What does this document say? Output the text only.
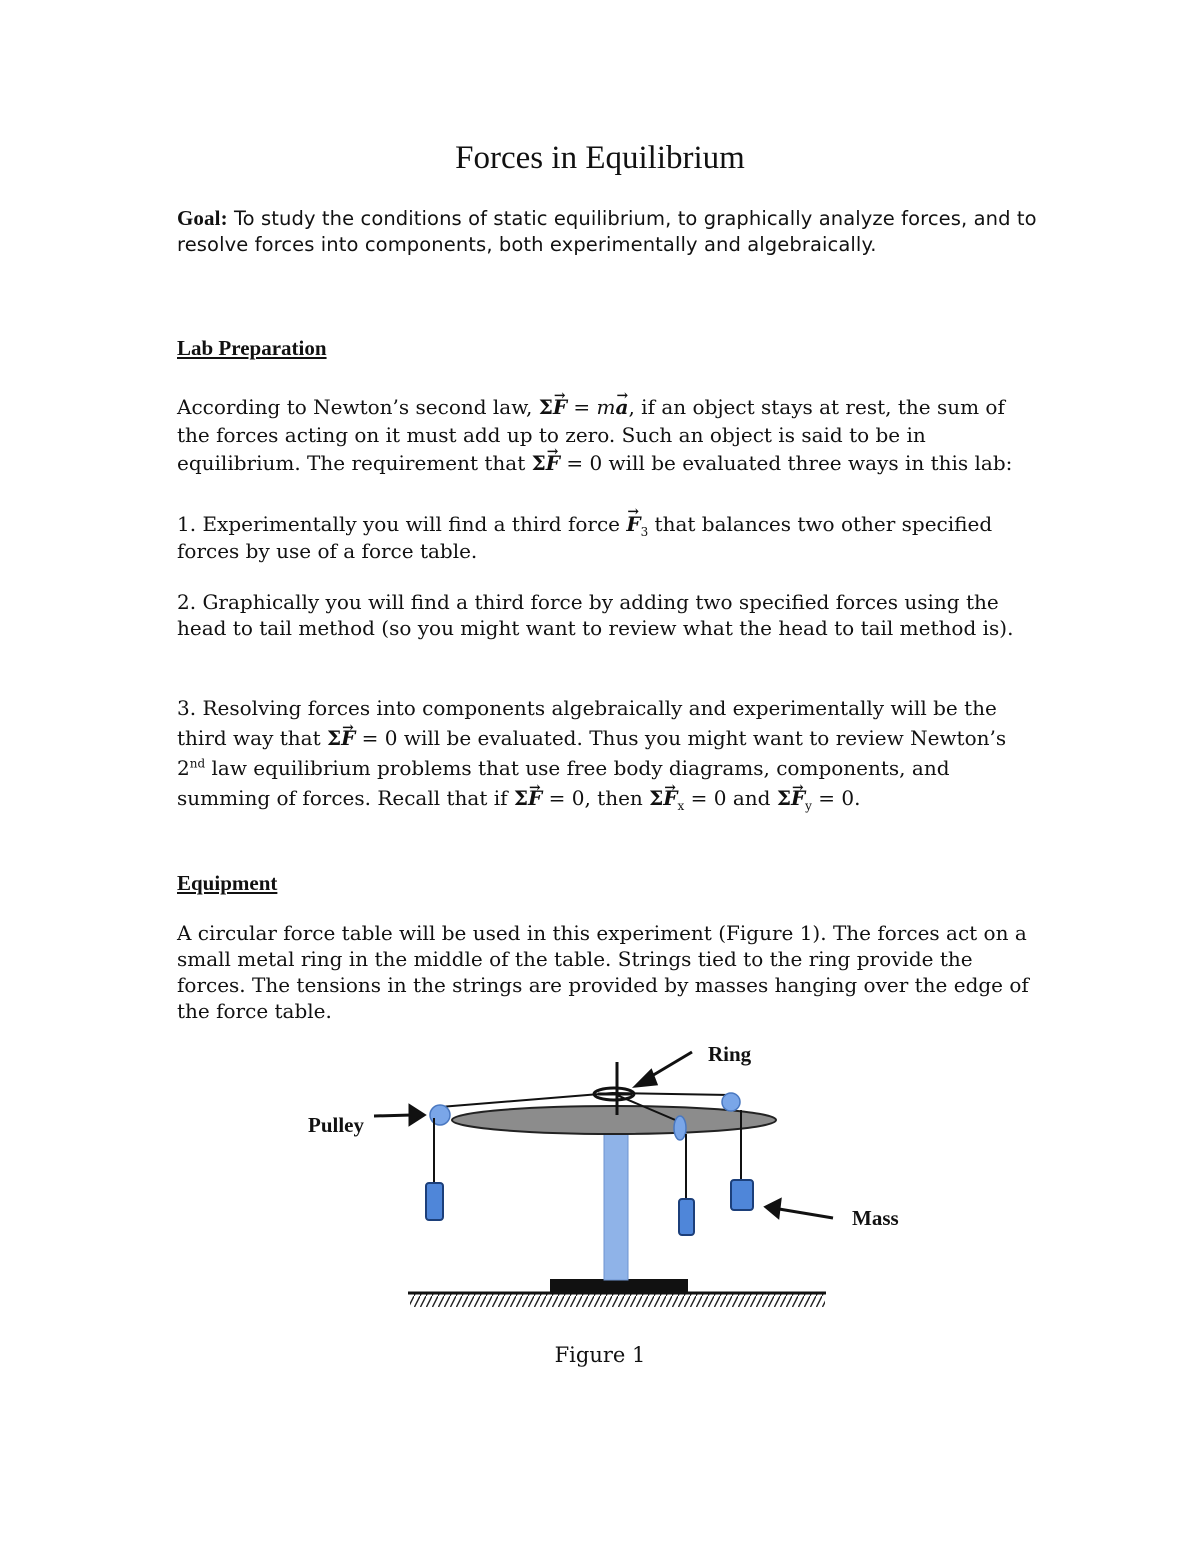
Forces in Equilibrium
Goal: To study the conditions of static equilibrium, to graphically analyze forces, and to resolve forces into components, both experimentally and algebraically.
Lab Preparation
According to Newton’s second law, Σ→ F = m→ a, if an object stays at rest, the sum of the forces acting on it must add up to zero. Such an object is said to be in equilibrium. The requirement that Σ→ F = 0 will be evaluated three ways in this lab:
1. Experimentally you will find a third force → $F_3$ that balances two other specified forces by use of a force table.
2. Graphically you will find a third force by adding two specified forces using the head to tail method (so you might want to review what the head to tail method is).
3. Resolving forces into components algebraically and experimentally will be the third way that Σ→ F = 0 will be evaluated. Thus you might want to review Newton’s 2nd law equilibrium problems that use free body diagrams, components, and summing of forces. Recall that if Σ→ F = 0, then $\Sigma\to F_x = 0$ and $\Sigma\to F_y = 0$.
Equipment
A circular force table will be used in this experiment (Figure 1). The forces act on a small metal ring in the middle of the table. Strings tied to the ring provide the forces. The tensions in the strings are provided by masses hanging over the edge of the force table.
Ring
Pulley
Mass
Figure 1
